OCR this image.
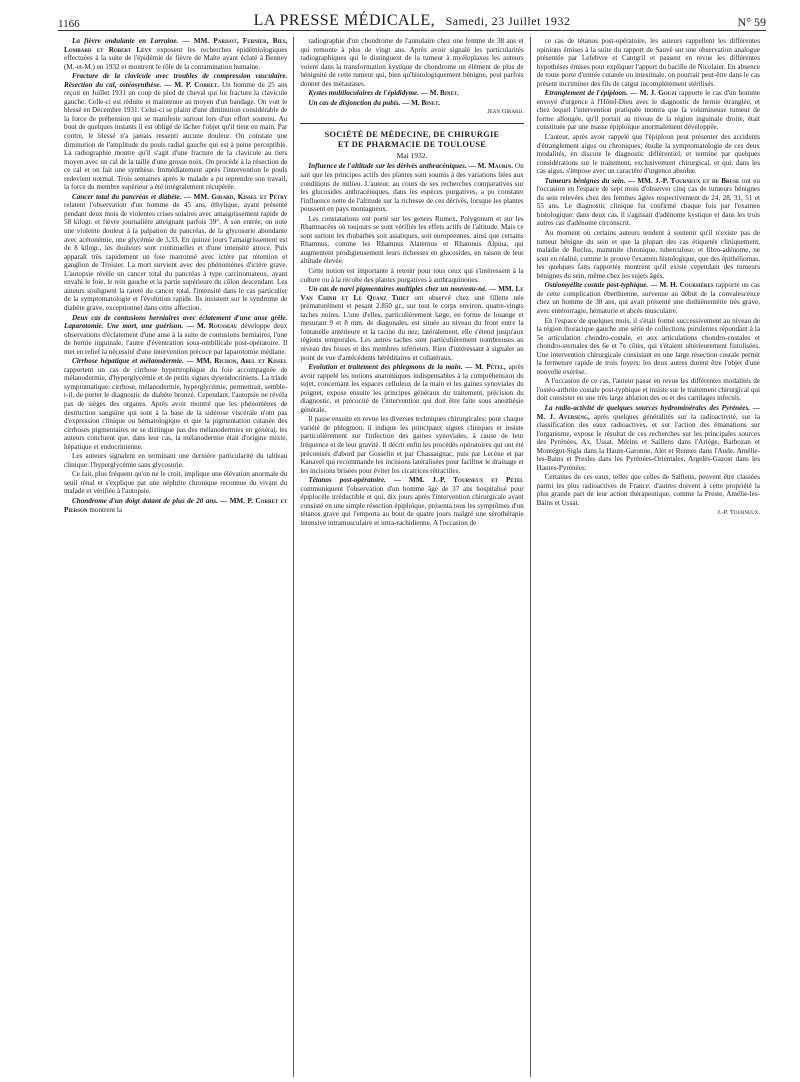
1166	LA PRESSE MÉDICALE, Samedi, 23 Juillet 1932	N° 59

La fièvre ondulante en Lorraine. — MM. Parisot, Fernier, Bies, Lombard et Robert Lévy exposent les recherches épidémiologiques effectuées à la suite de l'épidémie de fièvre de Malte ayant éclaté à Benney (M.-et-M.) en 1932 et montrent le rôle de la contamination humaine.

Fracture de la clavicule avec troubles de compression vasculaire. Résection du cal, ostéosynthèse. — M. P. Corret. Un homme de 25 ans reçoit en Juillet 1931 un coup de pied de cheval qui lui fracture la clavicule gauche. Celle-ci est réduite et maintenue au moyen d'un bandage. On voit le blessé en Décembre 1931. Celui-ci se plaint d'une diminution considérable de la force de préhension qui se manifeste surtout lors d'un effort soutenu. Au bout de quelques instants il est obligé de lâcher l'objet qu'il tient en main. Par contre, le blessé n'a jamais ressenti aucune douleur. On constate une diminution de l'amplitude du pouls radial gauche qui est à peine perceptible. La radiographie montre qu'il s'agit d'une fracture de la clavicule au tiers moyen avec un cal de la taille d'une grosse noix. On procède à la résection de ce cal et on fait une synthèse. Immédiatement après l'intervention le pouls redevient normal. Trois semaines après le malade a pu reprendre son travail, la force du membre supérieur a été intégralement récupérée.

Cancer total du pancréas et diabète. — MM. Girard, Kissel et Pétry relatent l'observation d'un homme de 45 ans, éthylique, ayant présenté pendant deux mois de violentes crises solaires avec amaigrissement rapide de 58 kilogr. et fièvre journalière atteignant parfois 39°. A son entrée, on note une violente douleur à la palpation du pancréas, de la glycosurie abondante avec acétonémie, une glycémie de 3,33. En quinze jours l'amaigrissement est de 8 kilogr., les douleurs sont continuelles et d'une intensité atroce. Puis apparaît très rapidement un foie marronné avec ictère par rétention et ganglion de Troisier. La mort survient avec des phénomènes d'ictère grave. L'autopsie révèle un cancer total du pancréas à type carcinomateux, ayant envahi le foie, le rein gauche et la partie supérieure du côlon descendant. Les auteurs soulignent la rareté du cancer total, l'intensité dans le cas particulier de la symptomatologie et l'évolution rapide. Ils insistent sur le syndrome de diabète grave, exceptionnel dans cette affection.

Deux cas de contusions herniaires avec éclatement d'une anse grêle. Laparotomie. Une mort, une guérison. — M. Rousseau développe deux observations d'éclatement d'une anse à la suite de contusions herniaires, l'une de hernie inguinale, l'autre d'éventration sous-ombilicale post-opératoire. Il met en relief la nécessité d'une intervention précoce par laparotomie médiane.

Cirrhose hépatique et mélanodermie. — MM. Richon, Abel et Kissel rapportent un cas de cirrhose hypertrophique du foie accompagnée de mélanodermie, d'hyperglycémie et de petits signes dysendocriniens. La triade symptomatique: cirrhose, mélanodermie, hyperglycémie, permettrait, semble-t-il, de porter le diagnostic de diabète bronzé. Cependant, l'autopsie ne révéla pas de sièges des organes. Après avoir montré que les phénomènes de destruction sanguine qui sont à la base de la sidérose viscérale n'ont pas d'expression clinique ou hématologique et que la pigmentation cutanée des cirrhoses pigmentaires ne se distingue pas des mélanodermies en général, les auteurs concluent que, dans leur cas, la mélanodermie était d'origine mixte, hépatique et endocrinienne.

Les auteurs signalent en terminant une dernière particularité du tableau clinique: l'hyperglycémie sans glycosurie.

Ce fait, plus fréquent qu'on ne le croit, implique une élévation anormale du seuil rénal et s'explique par une néphrite chronique reconnue du vivant du malade et vérifiée à l'autopsie.

Chondrome d'un doigt datant de plus de 20 ans. — MM. P. Corret et Pierson montrent la

radiographie d'un chondrome de l'annulaire chez une femme de 38 ans et qui remonte à plus de vingt ans. Après avoir signalé les particularités radiographiques qui le distinguent de la tumeur à myéloplaxes les auteurs voient dans la transformation kystique de chondrome un élément de plus de bénignité de cette tumeur qui, bien qu'histologiquement bénigne, peut parfois donner des métastases.

Kystes multiloculaires de l'épididyme. — M. Binet.

Un cas de disjonction du pubis. — M. Binet.

Jean Girard.

SOCIÉTÉ DE MÉDECINE, DE CHIRURGIE
ET DE PHARMACIE DE TOULOUSE
Mai 1932.

Influence de l'altitude sur les dérivés anthracéniques. — M. Maurin. On sait que les principes actifs des plantes sont soumis à des variations liées aux conditions de milieu. L'auteur, au cours de ses recherches comparatives sur les glucosides anthracéniques, dans les espèces purgatives, a pu constater l'influence nette de l'altitude sur la richesse de ces dérivés, lorsque les plantes poussent en pays montagneux.

Les constatations ont porté sur les genres Rumex, Polygonum et sur les Rhamnacées où toujours se sont vérifiés les effets actifs de l'altitude. Mais ce sont surtout les rhubarbes soit asiatiques, soit européennes, ainsi que certains Rhamnus, comme les Rhamnus Alaternus et Rhamnus Alpina, qui augmentent prodigieusement leurs richesses en glucosides, en raison de leur altitude élevée.

Cette notion est importante à retenir pour tous ceux qui s'intéressent à la culture ou à la récolte des plantes purgatives à anthraquinones.

Un cas de nævi pigmentaires multiples chez un nouveau-né. — MM. Le Van Chinh et Le Quanz Thiet ont observé chez une fillette née prématurément et pesant 2.850 gr., sur tout le corps environ, quatre-vingts taches noires. L'une d'elles, particulièrement large, en forme de losange et mesurant 9 et 8 mm. de diagonales, est située au niveau du front entre la fontanelle antérieure et la racine du nez; latéralement, elle s'étend jusqu'aux régions temporales. Les autres taches sont particulièrement nombreuses au niveau des fesses et des membres inférieurs. Rien d'intéressant à signaler au point de vue d'antécédents héréditaires et collatéraux.

Evolution et traitement des phlegmons de la main. — M. Pétel, après avoir rappelé les notions anatomiques indispensables à la compréhension du sujet, concernant les espaces celluleux de la main et les gaines synoviales du poignet, expose ensuite les principes généraux du traitement, précision du diagnostic, et précocité de l'intervention qui doit être faite sous anesthésie générale.

Il passe ensuite en revue les diverses techniques chirurgicales: pour chaque variété de phlegmon, il indique les principaux signes cliniques et insiste particulièrement sur l'infection des gaines synoviales, à cause de leur fréquence et de leur gravité. Il décrit enfin les procédés opératoires qui ont été préconisés d'abord par Gosselin et par Chassaignac, puis par Lecène et par Kanavel qui recommande les incisions latéralisées pour faciliter le drainage et les incisions brisées pour éviter les cicatrices rétractiles.

Tétanos post-opératoire. — MM. J.-P. Tourneux et Pétel communiquent l'observation d'un homme âgé de 37 ans hospitalisé pour épiplocèle irréductible et qui, dix jours après l'intervention chirurgicale ayant consisté en une simple résection épiploïque, présenta tous les symptômes d'un tétanos grave qui l'emporta au bout de quatre jours malgré une sérothérapie intensive intramusculaire et intra-rachidienne. A l'occasion de

ce cas de tétanos post-opératoire, les auteurs rappellent les différentes opinions émises à la suite du rapport de Sauvé sur une observation analogue présentée par Lefebvre et Cantgril et passent en revue les différentes hypothèses émises pour expliquer l'apport du bacille de Nicolaier. En absence de toute porte d'entrée cutanée ou intestinale, on pourrait peut-être dans le cas présent incriminer des fils de catgut incomplètement stérilisés.

Etranglement de l'épiploon. — M. J. Gouzi rapporte le cas d'un homme envoyé d'urgence à l'Hôtel-Dieu avec le diagnostic de hernie étranglée, et chez lequel l'intervention pratiquée montra que la volumineuse tumeur de forme allongée, qu'il portait au niveau de la région inguinale droite, était constituée par une masse épiploïque anormalement développée.

L'auteur, après avoir rappelé que l'épiploon peut présenter des accidents d'étranglement aigus ou chroniques; étudie la symptomatologie de ces deux modalités, en discute le diagnostic différentiel, et termine par quelques considérations sur le traitement, exclusivement chirurgical, et qui, dans les cas aigus, s'impose avec un caractère d'urgence absolue.

Tumeurs bénignes du sein. — MM. J.-P. Tourneux et de Bruse ont eu l'occasion en l'espace de sept mois d'observer cinq cas de tumeurs bénignes du sein relevées chez des femmes âgées respectivement de 24, 28, 31, 51 et 55 ans. Le diagnostic clinique fut confirmé chaque fois par l'examen histologique: dans deux cas, il s'agissait d'adénome kystique et dans les trois autres cas d'adénome circonscrit.

Au moment où certains auteurs tendent à soutenir qu'il n'existe pas de tumeur bénigne du sein et que la plupart des cas étiquetés cliniquement, maladie de Reclus, mammite chronique, tuberculose, et fibro-adénome, ne sont en réalité, comme le prouve l'examen histologique, que des épithéliomas, les quelques faits rapportés montrent qu'il existe cependant des tumeurs bénignes du sein, même chez les sujets âgés.

Ostéomyélite costale post-typhique. — M. H. Coursières rapporte un cas de cette complication éberthienne, survenue au début de la convalescence chez un homme de 38 ans, qui avait présenté une dothiénentérie très grave, avec entérorragie, hématurie et abcès musculaire.

En l'espace de quelques mois, il s'était formé successivement au niveau de la région thoracique gauche une série de collections purulentes répondant à la 5e articulation chondro-costale, et aux articulations chondro-costales et chondro-sternales des 6e et 7e côtes, qui s'étaient ultérieurement fistulisées. Une intervention chirurgicale consistant en une large résection costale permit la fermeture rapide de trois foyers: les deux autres durent être l'objet d'une nouvelle exérèse.

A l'occasion de ce cas, l'auteur passe en revue les différentes modalités de l'ostéo-arthrite costale post-typhique et insiste sur le traitement chirurgical qui doit consister en une très large ablation des os et des cartilages infectés.

La radio-activité de quelques sources hydrominérales des Pyrénées. — M. J. Averseng, après quelques généralités sur la radioactivité, sur la classification des eaux radioactives, et sur l'action des émanations sur l'organisme, expose le résultat de ces recherches sur les principales sources des Pyrénées, Ax, Ussat, Mérins et Saillens dans l'Ariège, Barbozan et Montégut-Sigla dans la Haute-Garonne, Alet et Rennes dans l'Aude, Amélie-les-Bains et Presles dans les Pyrénées-Orientales, Argelès-Gazost dans les Hautes-Pyrénées.

Certaines de ces eaux, telles que celles de Saillens, peuvent être classées parmi les plus radioactives de France: d'autres doivent à cette propriété la plus grande part de leur action thérapeutique, comme la Preste, Amélie-les-Bains et Ussat.

J.-P. Tourneux.
